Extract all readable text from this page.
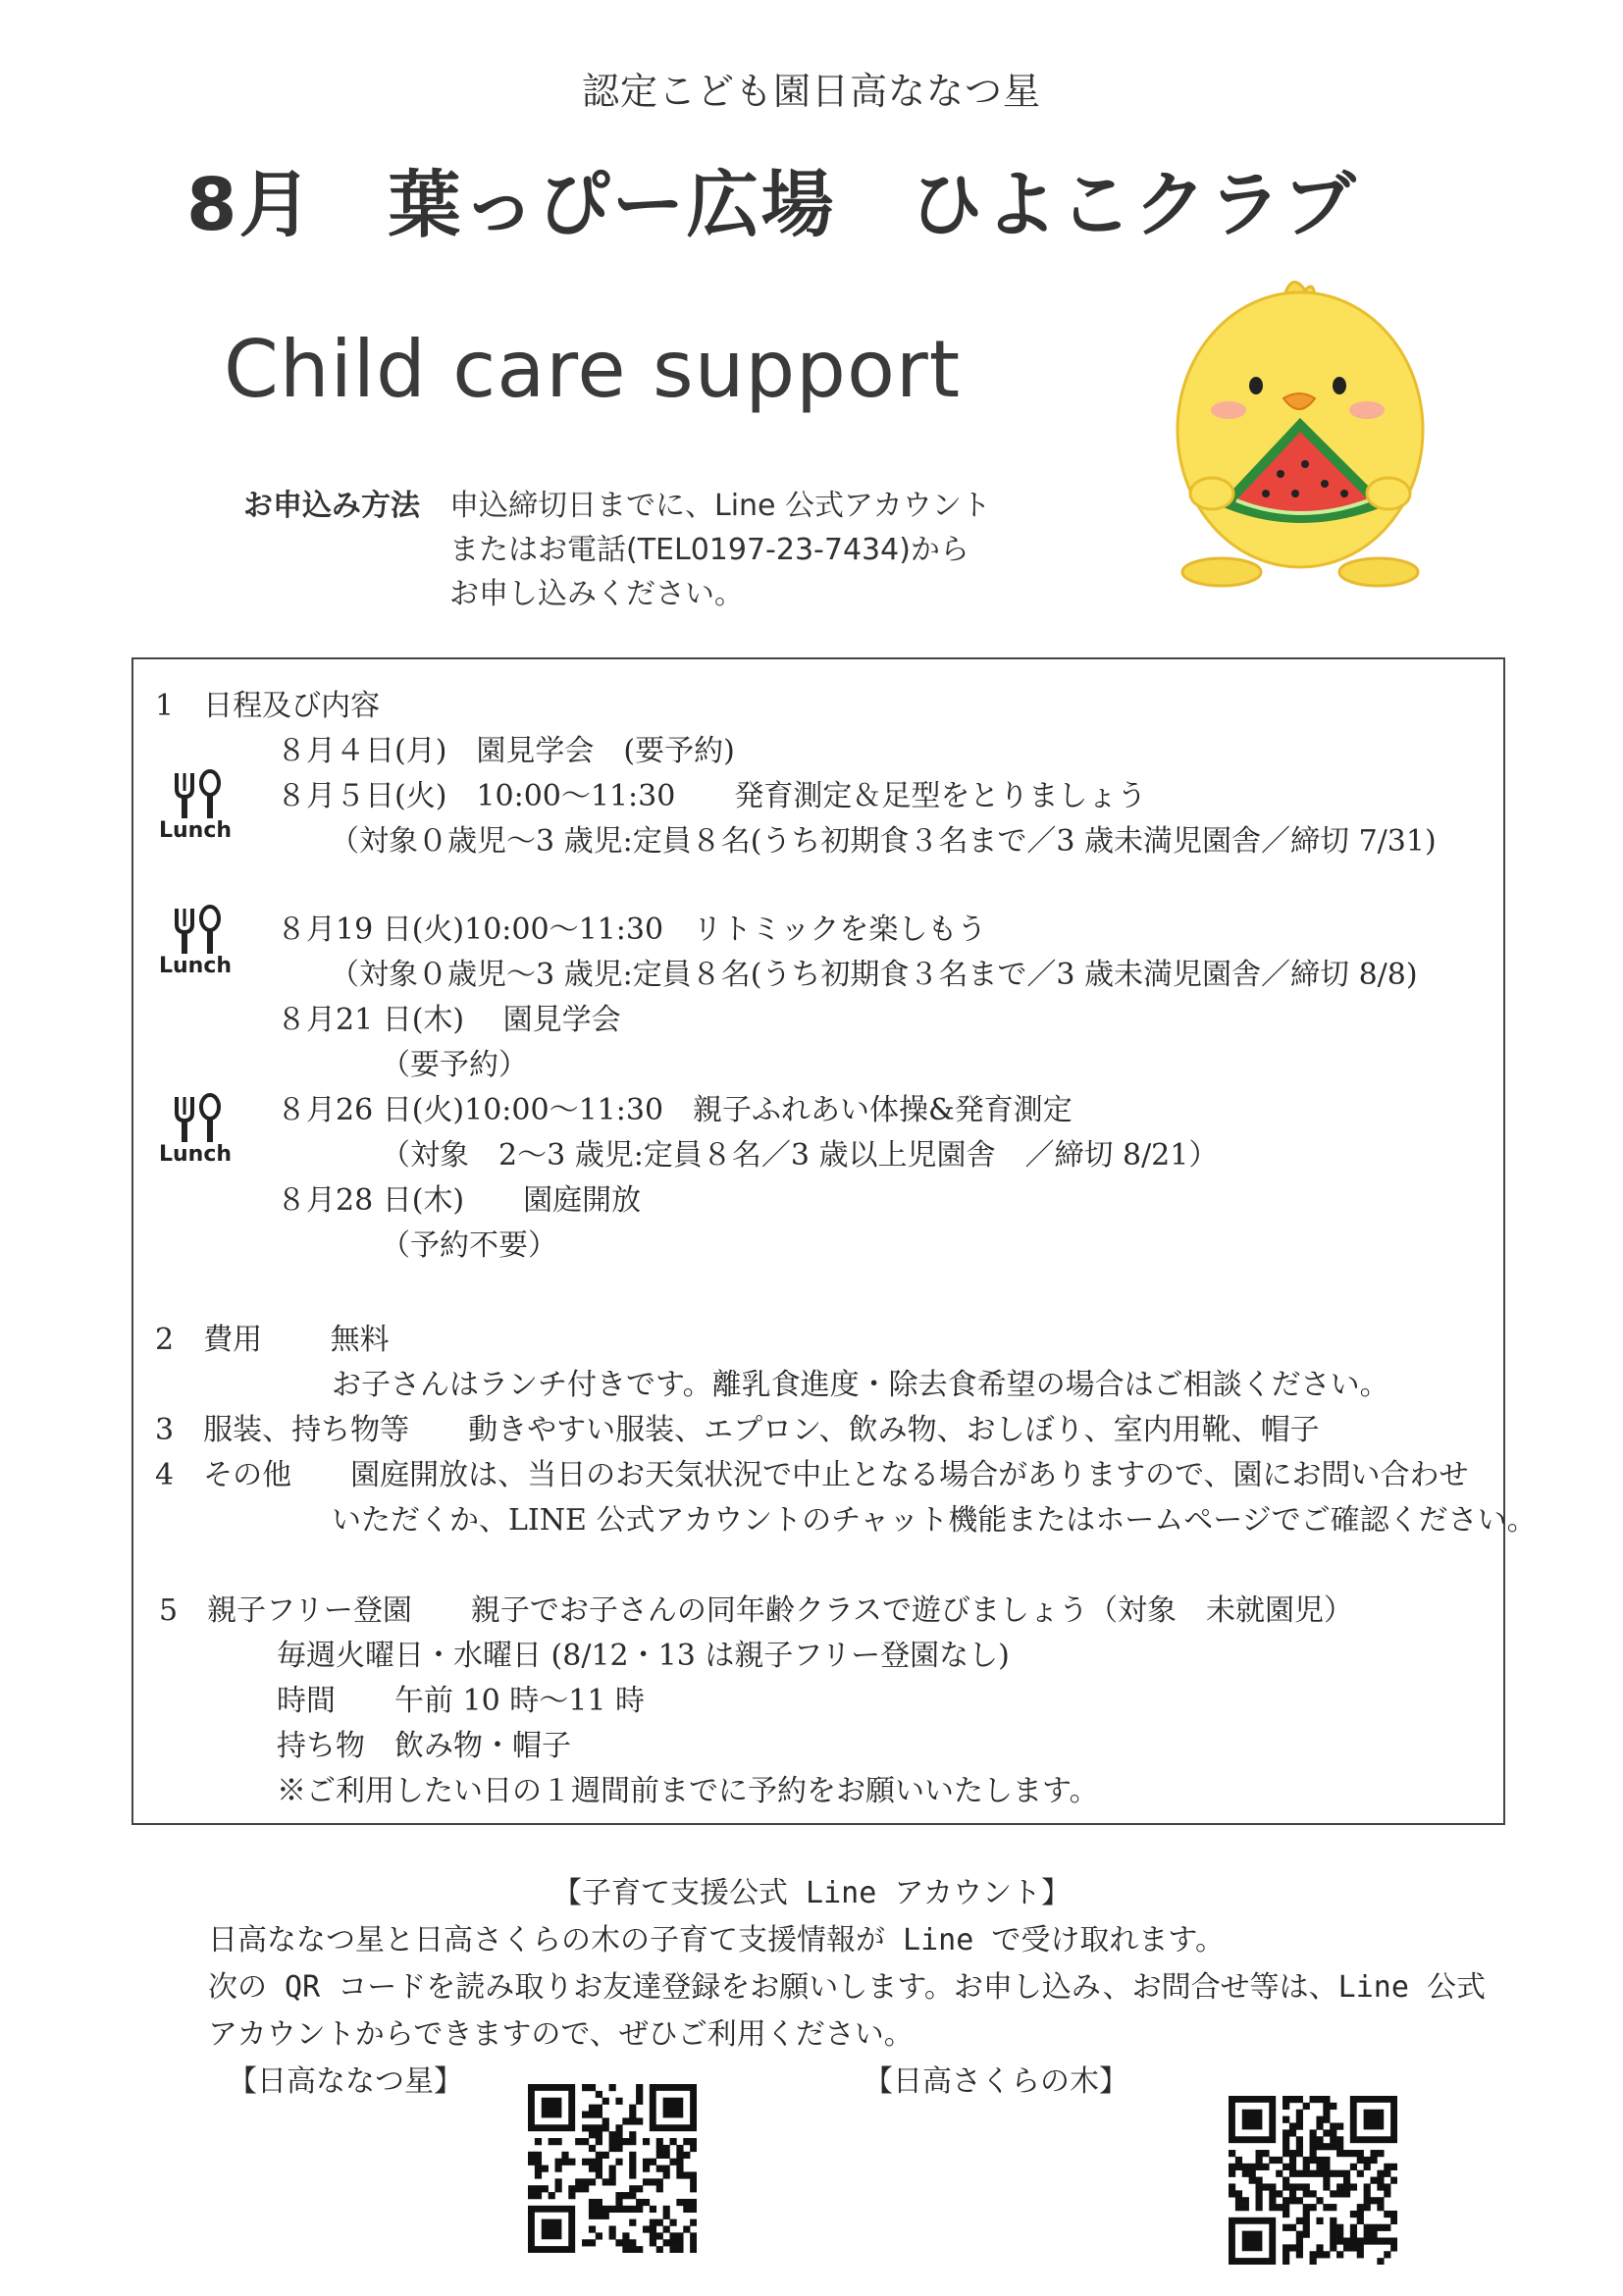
認定こども園日高ななつ星
8月　葉っぴー広場　ひよこクラブ
Child care support
お申込み方法 申込締切日までに、Line 公式アカウント
またはお電話(TEL0197-23-7434)から
お申し込みください。
1　日程及び内容
８月４日(月)　園見学会　(要予約)
８月５日(火)　10:00～11:30　　発育測定＆足型をとりましょう
（対象０歳児～3 歳児:定員８名(うち初期食３名まで／3 歳未満児園舎／締切 7/31)
８月19 日(火)10:00～11:30　リトミックを楽しもう
（対象０歳児～3 歳児:定員８名(うち初期食３名まで／3 歳未満児園舎／締切 8/8)
８月21 日(木)　 園見学会
（要予約）
８月26 日(火)10:00～11:30　親子ふれあい体操&発育測定
（対象　2～3 歳児:定員８名／3 歳以上児園舎　／締切 8/21）
８月28 日(木)　　園庭開放
（予約不要）
Lunch
Lunch
Lunch
2　費用　　 無料
お子さんはランチ付きです。離乳食進度・除去食希望の場合はご相談ください。
3　服装、持ち物等　　動きやすい服装、エプロン、飲み物、おしぼり、室内用靴、帽子
4　その他　　園庭開放は、当日のお天気状況で中止となる場合がありますので、園にお問い合わせ
いただくか、LINE 公式アカウントのチャット機能またはホームページでご確認ください。
5　親子フリー登園　　親子でお子さんの同年齢クラスで遊びましょう（対象　未就園児）
毎週火曜日・水曜日 (8/12・13 は親子フリー登園なし)
時間　　午前 10 時～11 時
持ち物　飲み物・帽子
※ご利用したい日の１週間前までに予約をお願いいたします。
【子育て支援公式 Line アカウント】
日高ななつ星と日高さくらの木の子育て支援情報が Line で受け取れます。
次の QR コードを読み取りお友達登録をお願いします。お申し込み、お問合せ等は、Line 公式
アカウントからできますので、ぜひご利用ください。
【日高ななつ星】	【日高さくらの木】
